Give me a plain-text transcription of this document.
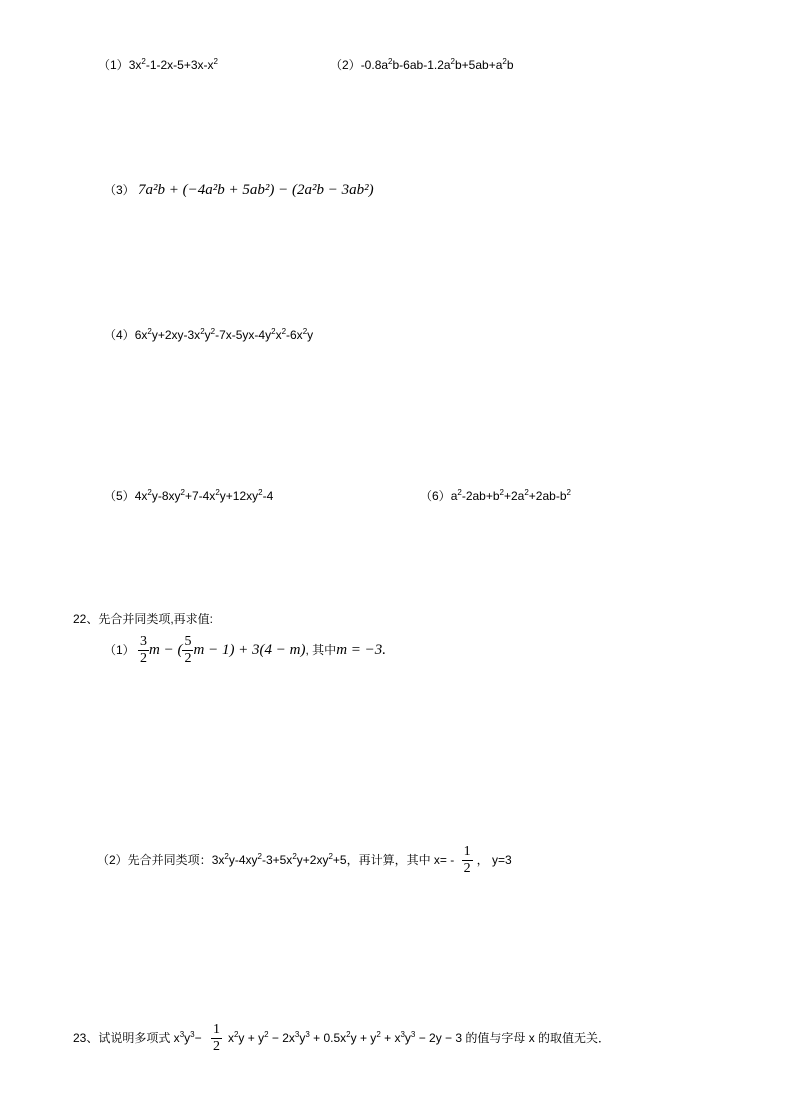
$(1)3x^2-1-2x-5+3x-x^2$	$(2)-0.8a^2b-6ab-1.2a^2b+5ab+a^2b$
（3） 7a²b + (−4a²b + 5ab²) − (2a²b − 3ab²)
$(4)6x^2y+2xy-3x^2y^2-7x-5yx-4y^2x^2-6x^2y$
$(5)4x^2y-8xy^2+7-4x^2y+12xy^2-4$	$(6)a^2-2ab+b^2+2a^2+2ab-b^2$
22、先合并同类项,再求值:
$(1) \frac{3}{2}$ m − ( $\frac{5}{2}$ m − 1) + 3(4 − m), 其中m = −3.
（2）先合并同类项：$3x^2y-4xy^2-3+5x^2y+2xy^2+5$，再计算，其中 $x= - \frac{1}{2}$ ， y=3
23、试说明多项式 $x^3y^3- \frac{1}{2} x^2y + y^2 - 2x^3y^3 + 0.5x^2y + y^2 + x^3y^3 - 2y - 3$ 的值与字母 x 的取值无关．
